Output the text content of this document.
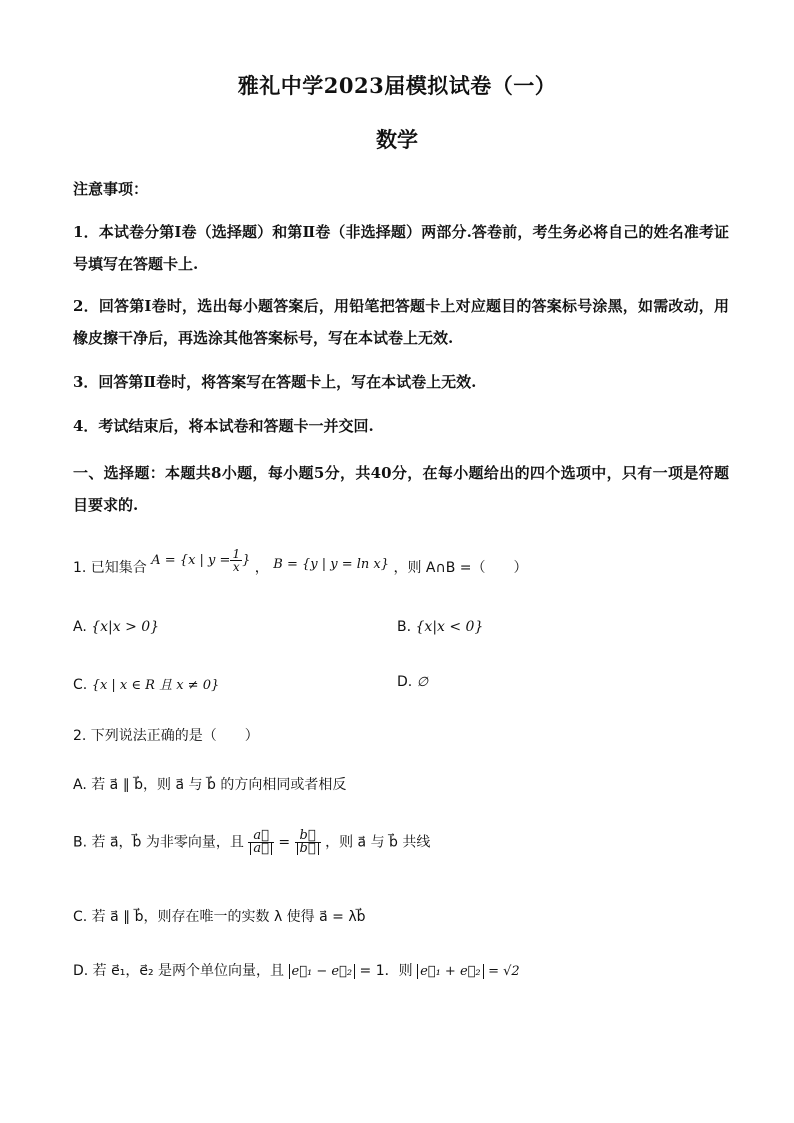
雅礼中学2023届模拟试卷（一）
数学
注意事项：
1．本试卷分第Ⅰ卷（选择题）和第Ⅱ卷（非选择题）两部分.答卷前，考生务必将自己的姓名准考证号填写在答题卡上.
2．回答第Ⅰ卷时，选出每小题答案后，用铅笔把答题卡上对应题目的答案标号涂黑，如需改动，用橡皮擦干净后，再选涂其他答案标号，写在本试卷上无效.
3．回答第Ⅱ卷时，将答案写在答题卡上，写在本试卷上无效.
4．考试结束后，将本试卷和答题卡一并交回.
一、选择题：本题共8小题，每小题5分，共40分，在每小题给出的四个选项中，只有一项是符题目要求的.
1. 已知集合 A = {x | $y = \frac{1}{x}$ } ， B = {y | y = ln x} ，则 A∩B =（　　）
A. {x|x > 0}	B. {x|x < 0}
C. {x | x ∈ R 且 x ≠ 0}	D. ∅
2. 下列说法正确的是（　　）
A. 若 a⃗ ∥ b⃗，则 a⃗ 与 b⃗ 的方向相同或者相反
B. 若 a⃗，b⃗ 为非零向量，且 $\frac{a⃗}{a⃗} = \frac{b⃗}{b⃗}$ ，则 a⃗ 与 b⃗ 共线
C. 若 a⃗ ∥ b⃗，则存在唯一的实数 λ 使得 a⃗ = λb⃗
D. 若 e⃗₁，e⃗₂ 是两个单位向量，且 e⃗₁ − e⃗₂ = 1．则 e⃗₁ + e⃗₂ = √2
